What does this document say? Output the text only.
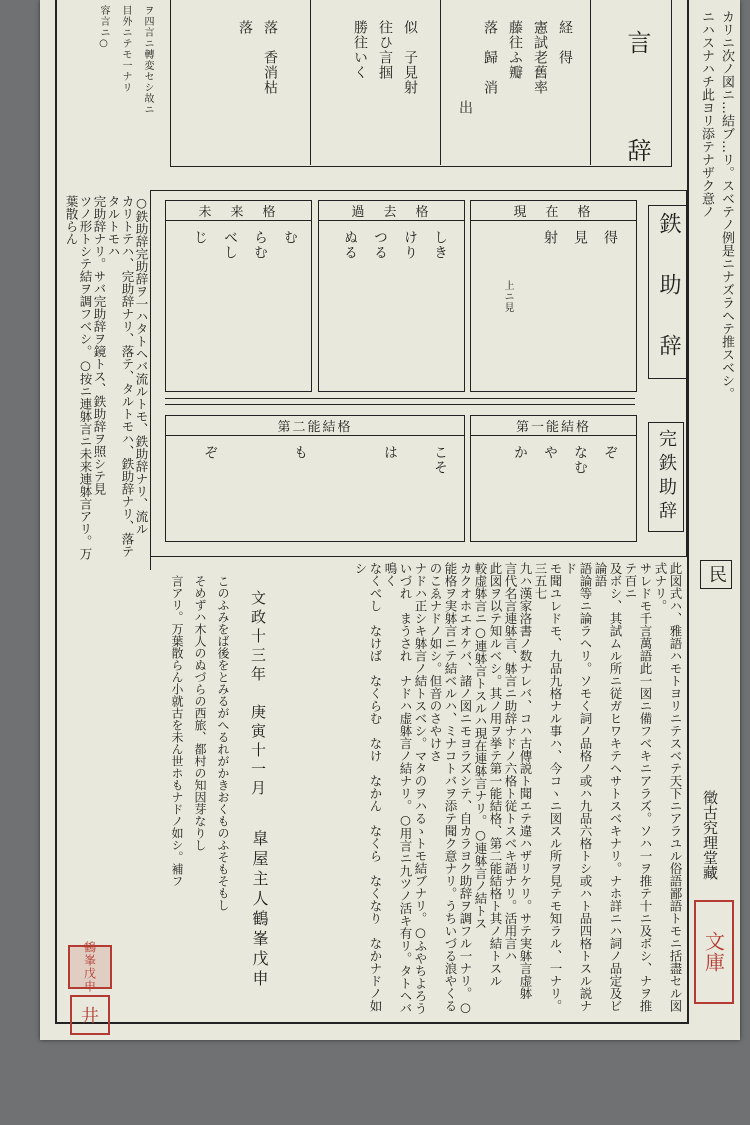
ニハスナハチ此ヨリ添テナザク意ノ カリニ次ノ図ニ…結ブ…リ。スベテノ例是ニナズラヘテ推スベシ。
言　辞
経　得
憲試老舊率
藤往ふ瓣
落　歸　消
出
似　子見射
往ひ言掴
勝往いく
落　香消枯
落
ヲ四言ニ轉変セシ故ニ
目外ニテモ一ナリ
容言ニ○
鉄 助 辞
完鉄助辞
現　在　格
得
見
射
上ニ見
過　去　格
しき
けり
つる
ぬる
未　来　格
む
らむ
べし
じ
第一能結格
ぞ
なむ
や
か
第二能結格
こそ
は
も
ぞ
○鉄助辞完助辞ヲ一ハタトヘバ流ルトモ、鉄助辞ナリ、流ル
カリトテハ、完助辞ナリ、落テ、タルトモハ、鉄助辞ナリ、落テタルトモハ
完助辞ナリ。サバ完助辞ヲ鏡トス、鉄助辞ヲ照シテ見
ツノ形トシテ結ヲ調フベシ。○按ニ連躰言ニ未来連躰言アリ。万葉散らん
民
此図式ハ、雅語ハモトヨリニテスベテ天下ニアラユル俗語鄙語トモニ括盡セル図式ナリ。
サレドモ千言萬語此一図ニ備フベキニアラズ。ソハ一ヲ推テ十ニ及ボシ、ナヲ推テ百ニ
及ボシ、其試ムル所ニ従ガヒワキテヘサトスベキナリ。ナホ詳ニハ詞ノ品定及ビ論語
語論等ニ論ラヘリ。ソモく詞ノ品格ノ或ハ九品六格トシ或ハト品四格トスル説ナド
モ聞ユレドモ、九品九格ナル事ハ、今コヽニ図スル所ヲ見テモ知ラル、一ナリ。三五七
九ハ漢家洛書ノ数ナレバ、コハ古傳説ト聞エテ違ハザリケリ。サテ実躰言虚躰
言代名言連躰言、躰言ニ助辞ナドノ六格ト従トスベキ語ナリ。活用言ハ
此図ヲ以テ知ルベシ。其ノ用ヲ挙テ第一能結格、第二能結格ト其ノ結トスル
較虚躰言ニ○連躰言トスルハ現在連躰言ナリ。○連躰言ノ結トス
カクオホエオケバ、諸ノ図ニモヨラズシテ、自カラヨク助辞ヲ調フル一ナリ。○
能格ヲ実躰言ニテ結ベルハ、ミナコトバヲ添テ聞ク意ナリ。うちいづる浪やくる
のこゑナドノ如シ。但音のさやけさ
ナドハ正シキ躰言ノ結トスベシ。マタのヲハるゝトモ結ブナリ。○ふやちよろう
いづれ　まうされ　ナドハ虚躰言ノ結ナリ。○用言ニ九ツノ活キ有リ。タトヘバ鳴く
なくべし　なけば　なくらむ　なけ　なかん　なくら　なくなり　なかナドノ如シ
文政十三年　庚寅十一月
皐屋主人鶴峯戊申
このふみをば後をとみるがへるれがかきおくものふそもそもし
そめずハ木人のぬづらの西旅、都村の知因芽なりし
言アリ。万葉散らん小就古を未ん世ホもナドノ如シ。補フ	徵古究理堂藏
文庫
鶴峯戊申
井
